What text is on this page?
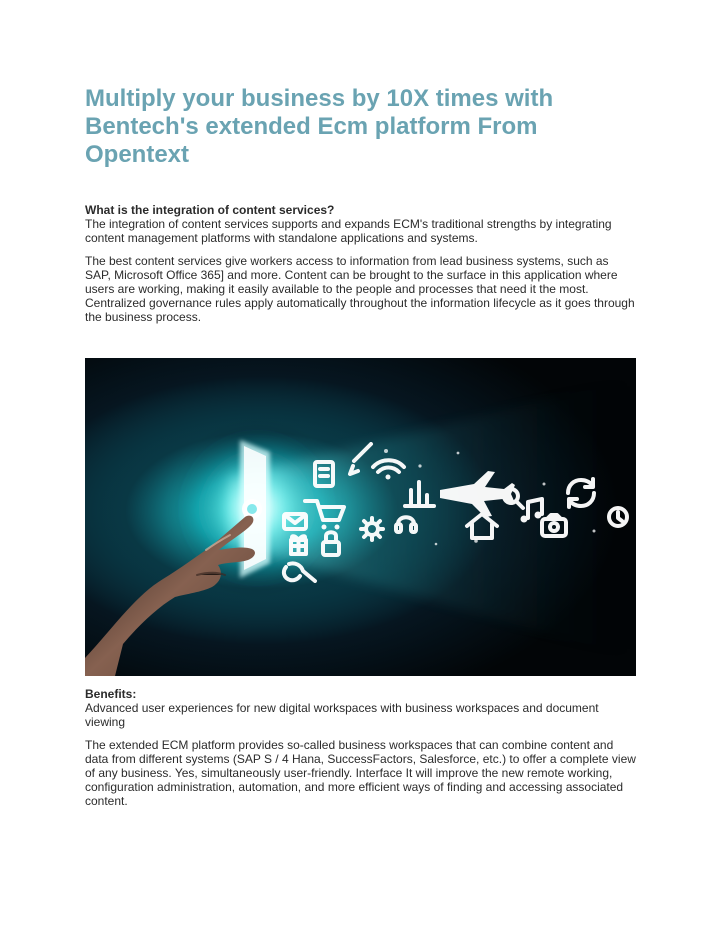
Multiply your business by 10X times with Bentech's extended Ecm platform From Opentext

What is the integration of content services?

The integration of content services supports and expands ECM's traditional strengths by integrating content management platforms with standalone applications and systems.

The best content services give workers access to information from lead business systems, such as SAP, Microsoft Office 365] and more. Content can be brought to the surface in this application where users are working, making it easily available to the people and processes that need it the most. Centralized governance rules apply automatically throughout the information lifecycle as it goes through the business process.

Benefits:

Advanced user experiences for new digital workspaces with business workspaces and document viewing

The extended ECM platform provides so-called business workspaces that can combine content and data from different systems (SAP S / 4 Hana, SuccessFactors, Salesforce, etc.) to offer a complete view of any business. Yes, simultaneously user-friendly. Interface It will improve the new remote working, configuration administration, automation, and more efficient ways of finding and accessing associated content.
